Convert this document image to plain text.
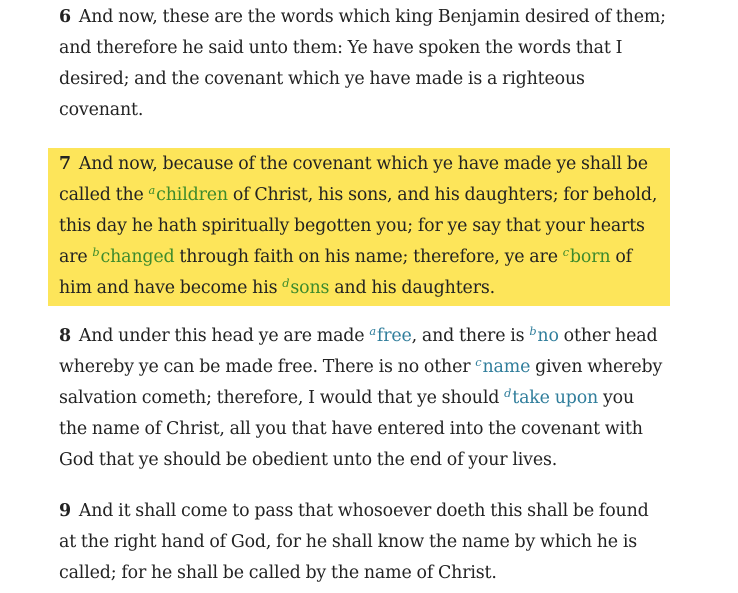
6 And now, these are the words which king Benjamin desired of them; and therefore he said unto them: Ye have spoken the words that I desired; and the covenant which ye have made is a righteous covenant.

7 And now, because of the covenant which ye have made ye shall be called the $^a$children of Christ, his sons, and his daughters; for behold, this day he hath spiritually begotten you; for ye say that your hearts are $^b$changed through faith on his name; therefore, ye are $^c$born of him and have become his $^d$sons and his daughters.

8 And under this head ye are made $^a$free, and there is $^b$no other head whereby ye can be made free. There is no other $^c$name given whereby salvation cometh; therefore, I would that ye should $^d$take upon you the name of Christ, all you that have entered into the covenant with God that ye should be obedient unto the end of your lives.

9 And it shall come to pass that whosoever doeth this shall be found at the right hand of God, for he shall know the name by which he is called; for he shall be called by the name of Christ.
